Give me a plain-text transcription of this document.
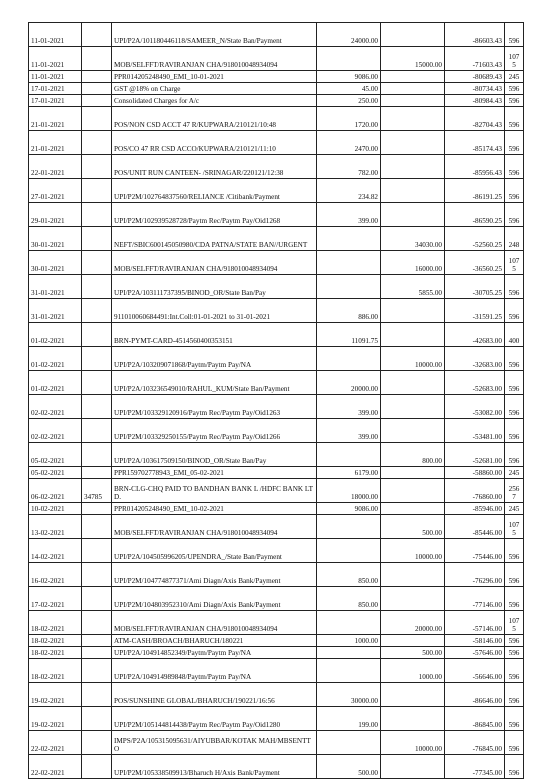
11-01-2021		UPI/P2A/101180446118/SAMEER_N/State Ban/Payment	24000.00		-86603.43	596
11-01-2021		MOB/SELFFT/RAVIRANJAN CHA/918010048934094		15000.00	-71603.43	1075
11-01-2021		PPR014205248490_EMI_10-01-2021	9086.00		-80689.43	245
17-01-2021		GST @18% on Charge	45.00		-80734.43	596
17-01-2021		Consolidated Charges for A/c	250.00		-80984.43	596
21-01-2021		POS/NON CSD ACCT 47 R/KUPWARA/210121/10:48	1720.00		-82704.43	596
21-01-2021		POS/CO 47 RR CSD ACCO/KUPWARA/210121/11:10	2470.00		-85174.43	596
22-01-2021		POS/UNIT RUN CANTEEN- /SRINAGAR/220121/12:38	782.00		-85956.43	596
27-01-2021		UPI/P2M/102764837560/RELIANCE /Citibank/Payment	234.82		-86191.25	596
29-01-2021		UPI/P2M/102939528728/Paytm Rec/Paytm Pay/Oid1268	399.00		-86590.25	596
30-01-2021		NEFT/SBIC600145050980/CDA PATNA/STATE BAN//URGENT		34030.00	-52560.25	248
30-01-2021		MOB/SELFFT/RAVIRANJAN CHA/918010048934094		16000.00	-36560.25	1075
31-01-2021		UPI/P2A/103111737395/BINOD_OR/State Ban/Pay		5855.00	-30705.25	596
31-01-2021		911010060684491:Int.Coll:01-01-2021 to 31-01-2021	886.00		-31591.25	596
01-02-2021		BRN-PYMT-CARD-4514560400353151	11091.75		-42683.00	400
01-02-2021		UPI/P2A/103209071868/Paytm/Paytm Pay/NA		10000.00	-32683.00	596
01-02-2021		UPI/P2A/103236549010/RAHUL_KUM/State Ban/Payment	20000.00		-52683.00	596
02-02-2021		UPI/P2M/103329120916/Paytm Rec/Paytm Pay/Oid1263	399.00		-53082.00	596
02-02-2021		UPI/P2M/103329250155/Paytm Rec/Paytm Pay/Oid1266	399.00		-53481.00	596
05-02-2021		UPI/P2A/103617509150/BINOD_OR/State Ban/Pay		800.00	-52681.00	596
05-02-2021		PPR159702778943_EMI_05-02-2021	6179.00		-58860.00	245
06-02-2021	34785	BRN-CLG-CHQ PAID TO BANDHAN BANK L /HDFC BANK LTD.	18000.00		-76860.00	2567
10-02-2021		PPR014205248490_EMI_10-02-2021	9086.00		-85946.00	245
13-02-2021		MOB/SELFFT/RAVIRANJAN CHA/918010048934094		500.00	-85446.00	1075
14-02-2021		UPI/P2A/104505996205/UPENDRA_/State Ban/Payment		10000.00	-75446.00	596
16-02-2021		UPI/P2M/104774877371/Ami Diagn/Axis Bank/Payment	850.00		-76296.00	596
17-02-2021		UPI/P2M/104803952310/Ami Diagn/Axis Bank/Payment	850.00		-77146.00	596
18-02-2021		MOB/SELFFT/RAVIRANJAN CHA/918010048934094		20000.00	-57146.00	1075
18-02-2021		ATM-CASH/BROACH/BHARUCH/180221	1000.00		-58146.00	596
18-02-2021		UPI/P2A/104914852349/Paytm/Paytm Pay/NA		500.00	-57646.00	596
18-02-2021		UPI/P2A/104914989848/Paytm/Paytm Pay/NA		1000.00	-56646.00	596
19-02-2021		POS/SUNSHINE GLOBAL/BHARUCH/190221/16:56	30000.00		-86646.00	596
19-02-2021		UPI/P2M/105144814438/Paytm Rec/Paytm Pay/Oid1280	199.00		-86845.00	596
22-02-2021		IMPS/P2A/105315095631/AIYUBBAR/KOTAK MAH/MBSENTTO		10000.00	-76845.00	596
22-02-2021		UPI/P2M/105338509913/Bharuch H/Axis Bank/Payment	500.00		-77345.00	596
